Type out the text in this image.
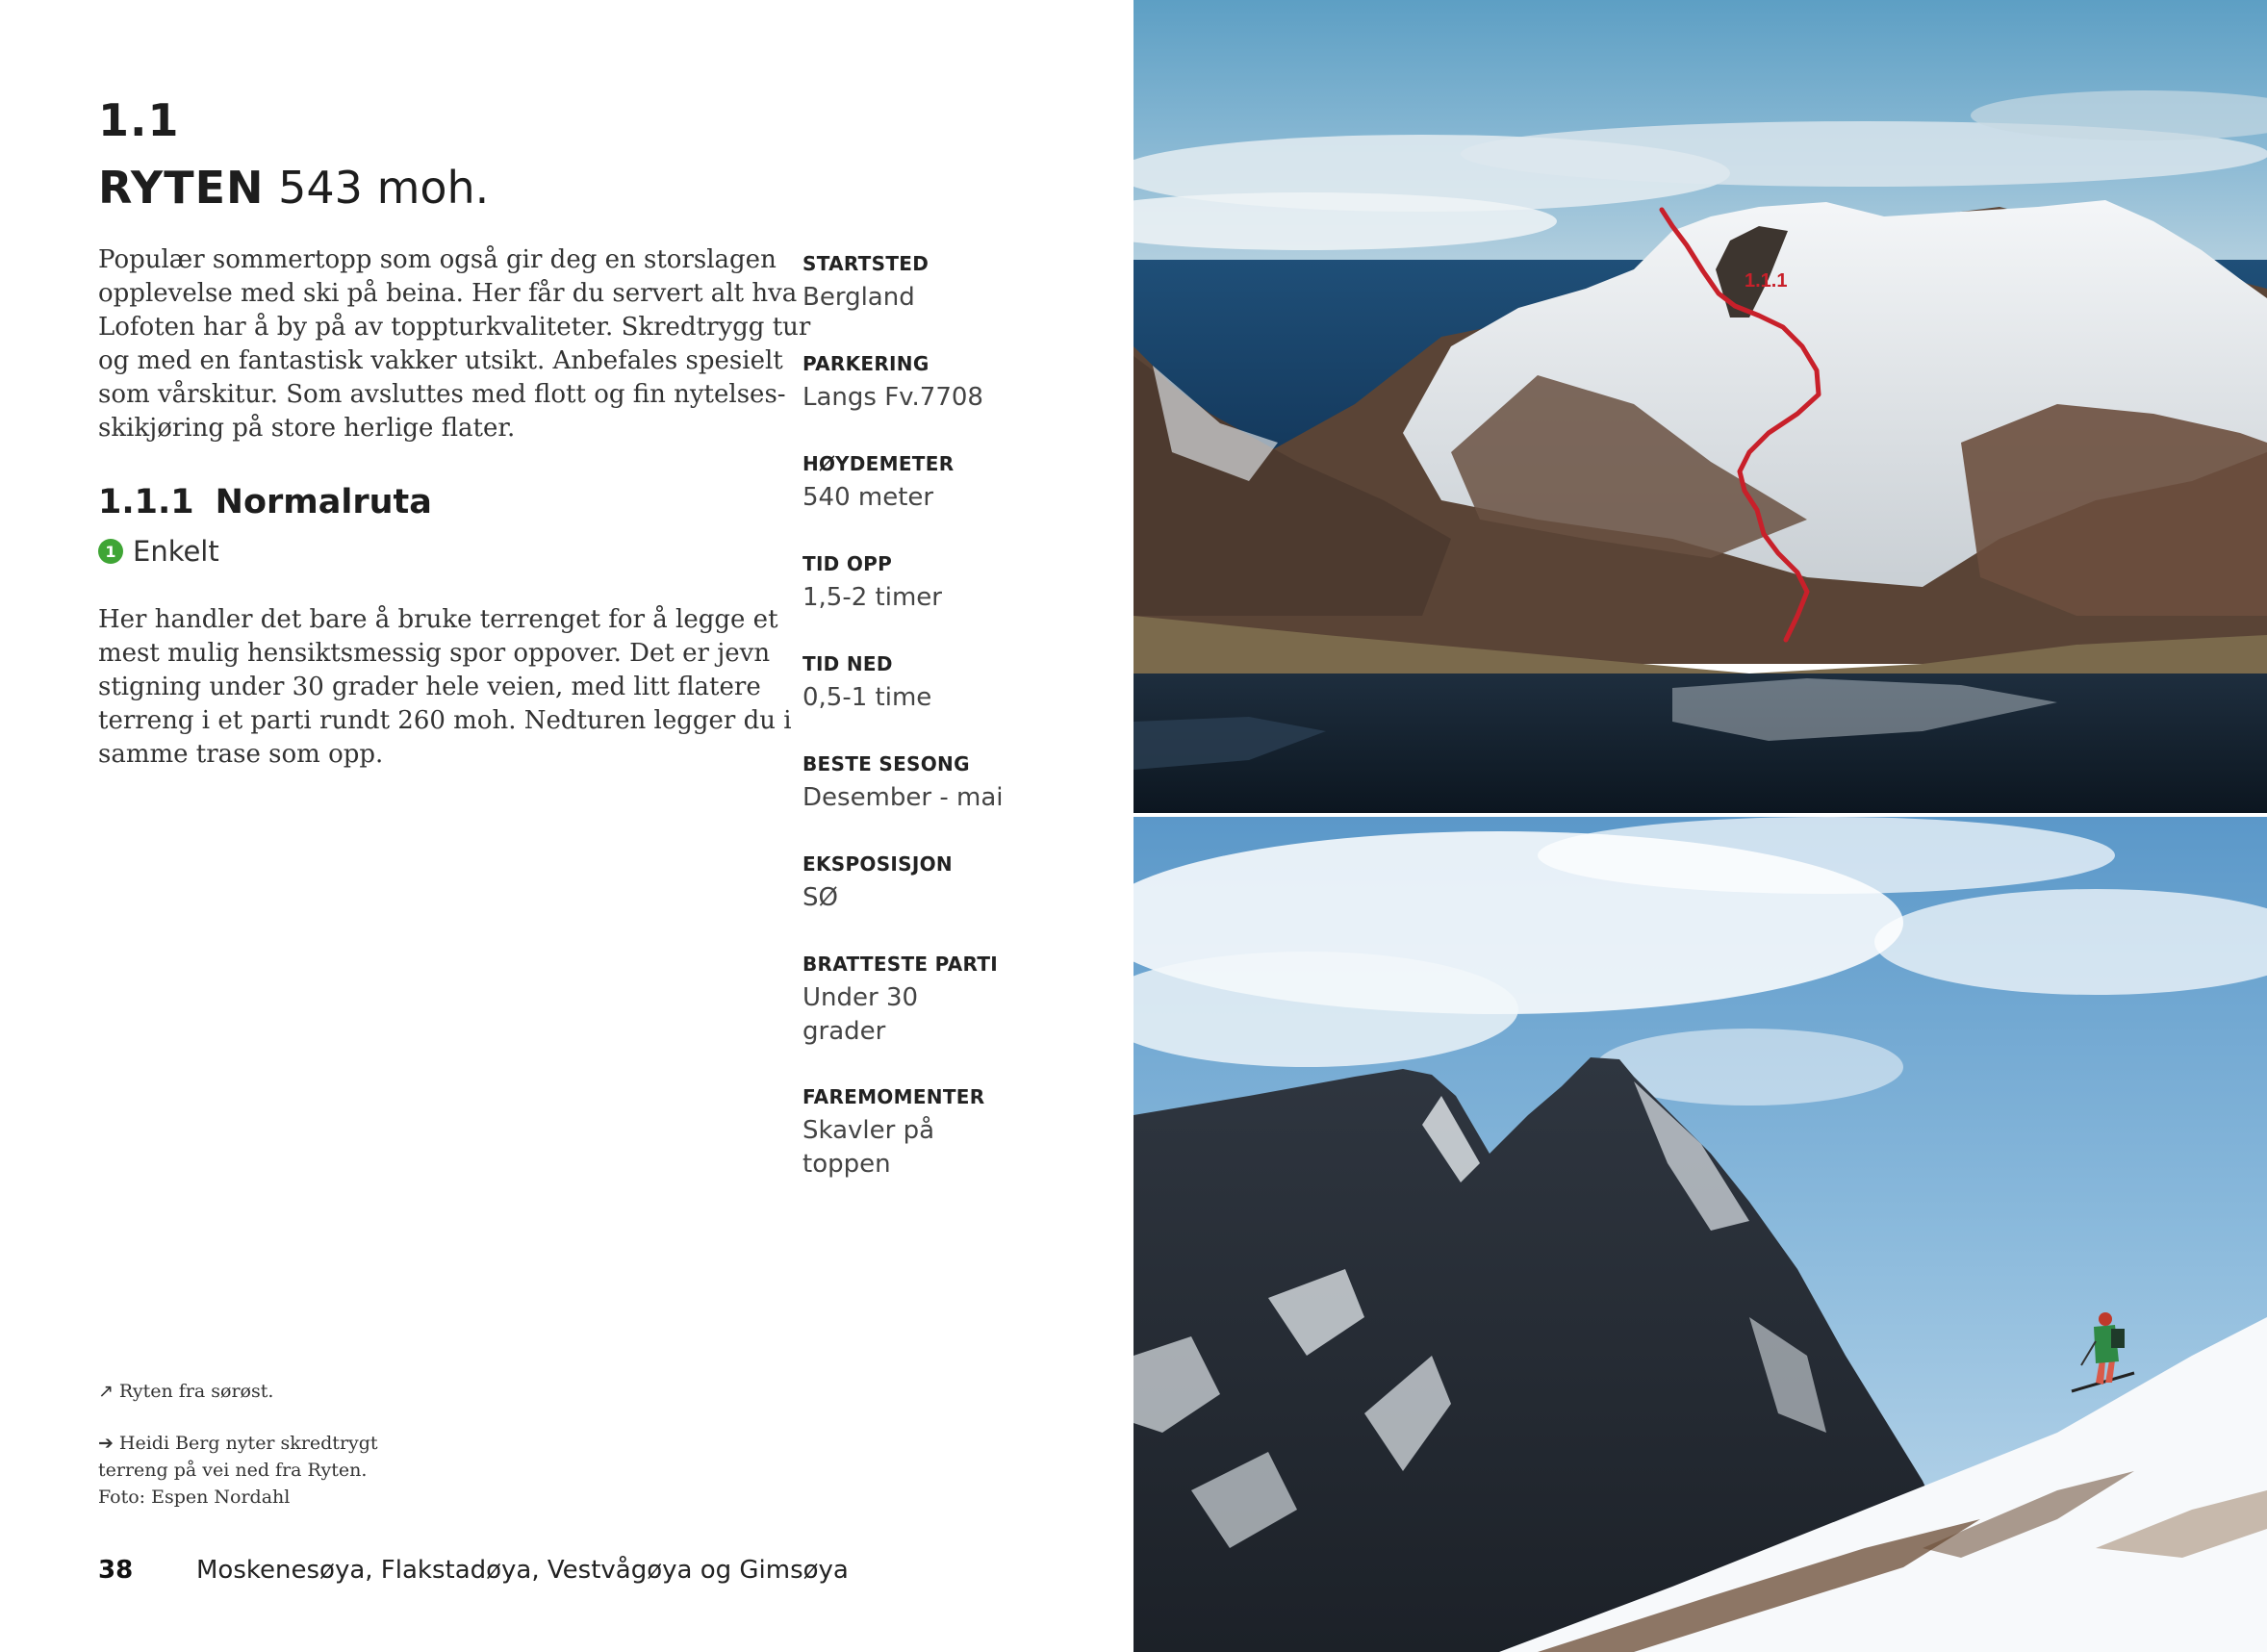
1.1
RYTEN 543 moh.

Populær sommertopp som også gir deg en storslagen
opplevelse med ski på beina. Her får du servert alt hva
Lofoten har å by på av toppturkvaliteter. Skredtrygg tur
og med en fantastisk vakker utsikt. Anbefales spesielt
som vårskitur. Som avsluttes med flott og fin nytelses-
skikjøring på store herlige flater.

1.1.1 Normalruta
1 Enkelt

Her handler det bare å bruke terrenget for å legge et
mest mulig hensiktsmessig spor oppover. Det er jevn
stigning under 30 grader hele veien, med litt flatere
terreng i et parti rundt 260 moh. Nedturen legger du i
samme trase som opp.

STARTSTED
Bergland
PARKERING
Langs Fv.7708
HØYDEMETER
540 meter
TID OPP
1,5-2 timer
TID NED
0,5-1 time
BESTE SESONG
Desember - mai
EKSPOSISJON
SØ
BRATTESTE PARTI
Under 30
grader
FAREMOMENTER
Skavler på
toppen
↗ Ryten fra sørøst.
➔ Heidi Berg nyter skredtrygt
terreng på vei ned fra Ryten.
Foto: Espen Nordahl
38	Moskenesøya, Flakstadøya, Vestvågøya og Gimsøya
1.1.1
